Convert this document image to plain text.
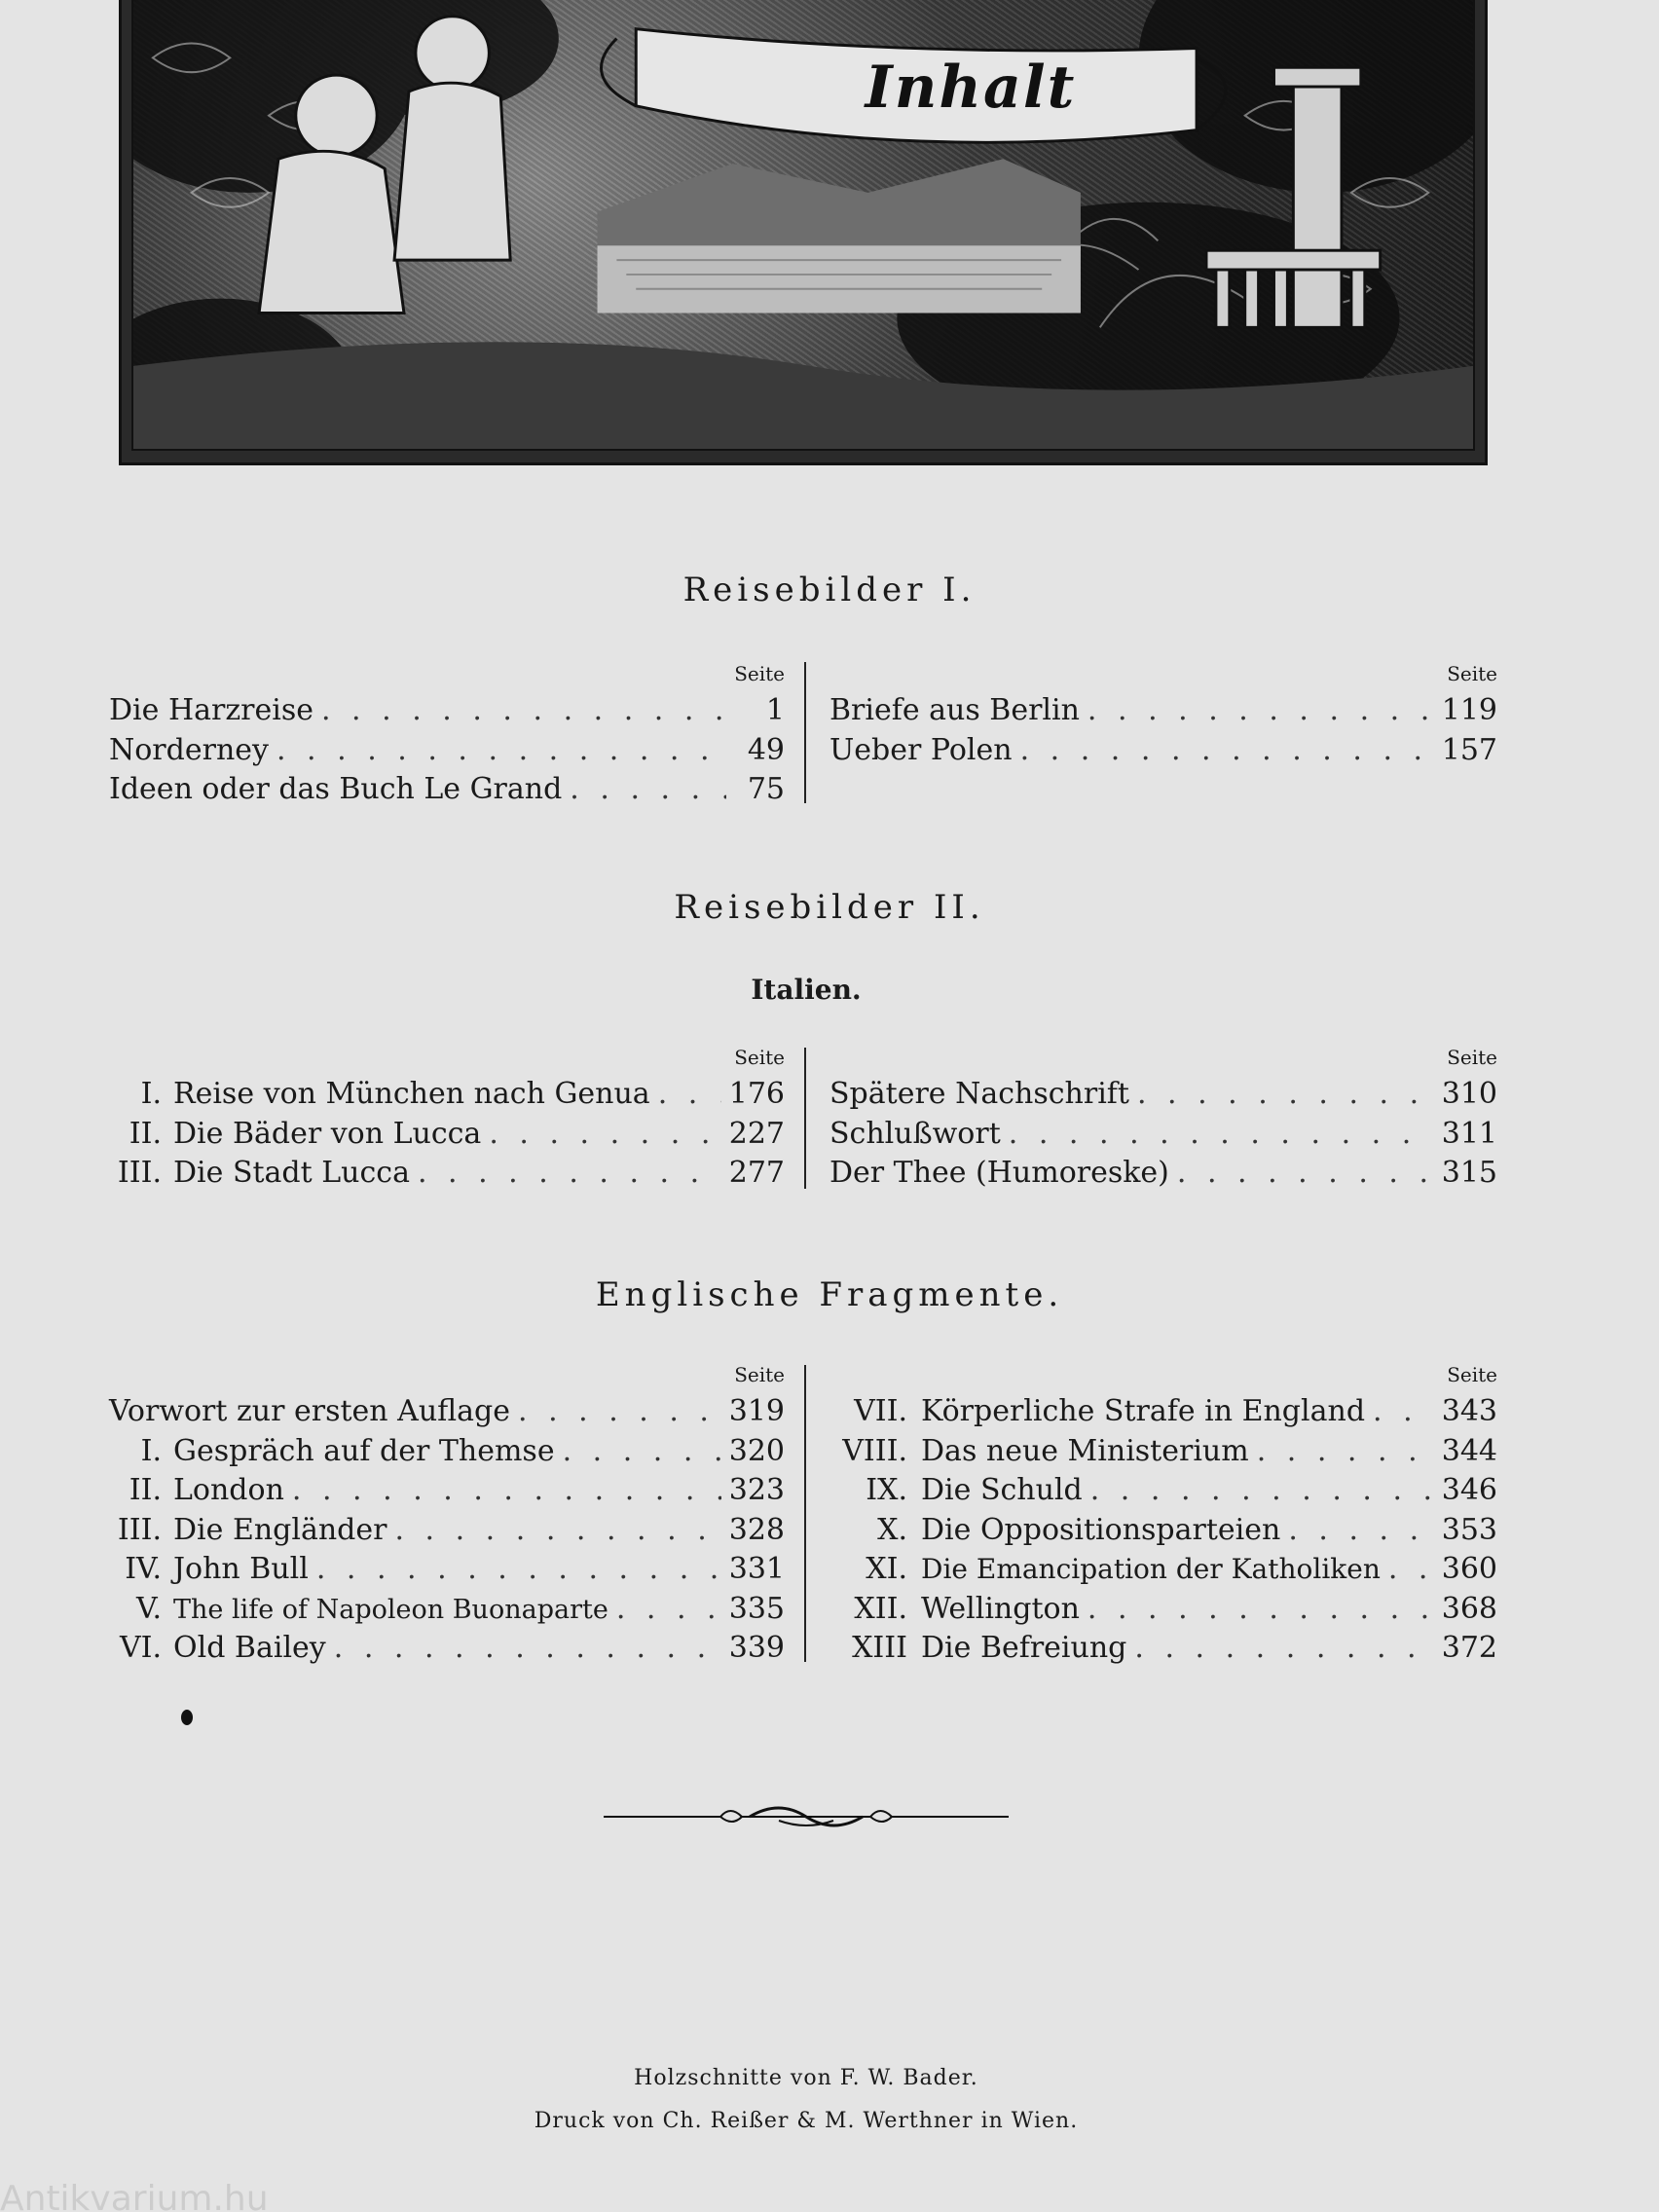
Inhalt
Reisebilder I.
Seite
Die Harzreise . . .	1
Norderney . . .	49
Ideen oder das Buch Le Grand . . .	75
Seite
Briefe aus Berlin . . .	119
Ueber Polen . . .	157
Reisebilder II.
Italien.
Seite
I. Reise von München nach Genua . . .	176
II. Die Bäder von Lucca . . .	227
III. Die Stadt Lucca . . .	277
Seite
Spätere Nachschrift . . .	310
Schlußwort . . .	311
Der Thee (Humoreske) . . .	315
Englische Fragmente.
Seite
Vorwort zur ersten Auflage . . .	319
I. Gespräch auf der Themse . . .	320
II. London . . .	323
III. Die Engländer . . .	328
IV. John Bull . . .	331
V. The life of Napoleon Buonaparte . . .	335
VI. Old Bailey . . .	339
Seite
VII. Körperliche Strafe in England . . .	343
VIII. Das neue Ministerium . . .	344
IX. Die Schuld . . .	346
X. Die Oppositionsparteien . . .	353
XI. Die Emancipation der Katholiken . . . 360
XII. Wellington . . .	368
XIII Die Befreiung . . .	372
Holzschnitte von F. W. Bader.
Druck von Ch. Reißer & M. Werthner in Wien.
Antikvarium.hu
